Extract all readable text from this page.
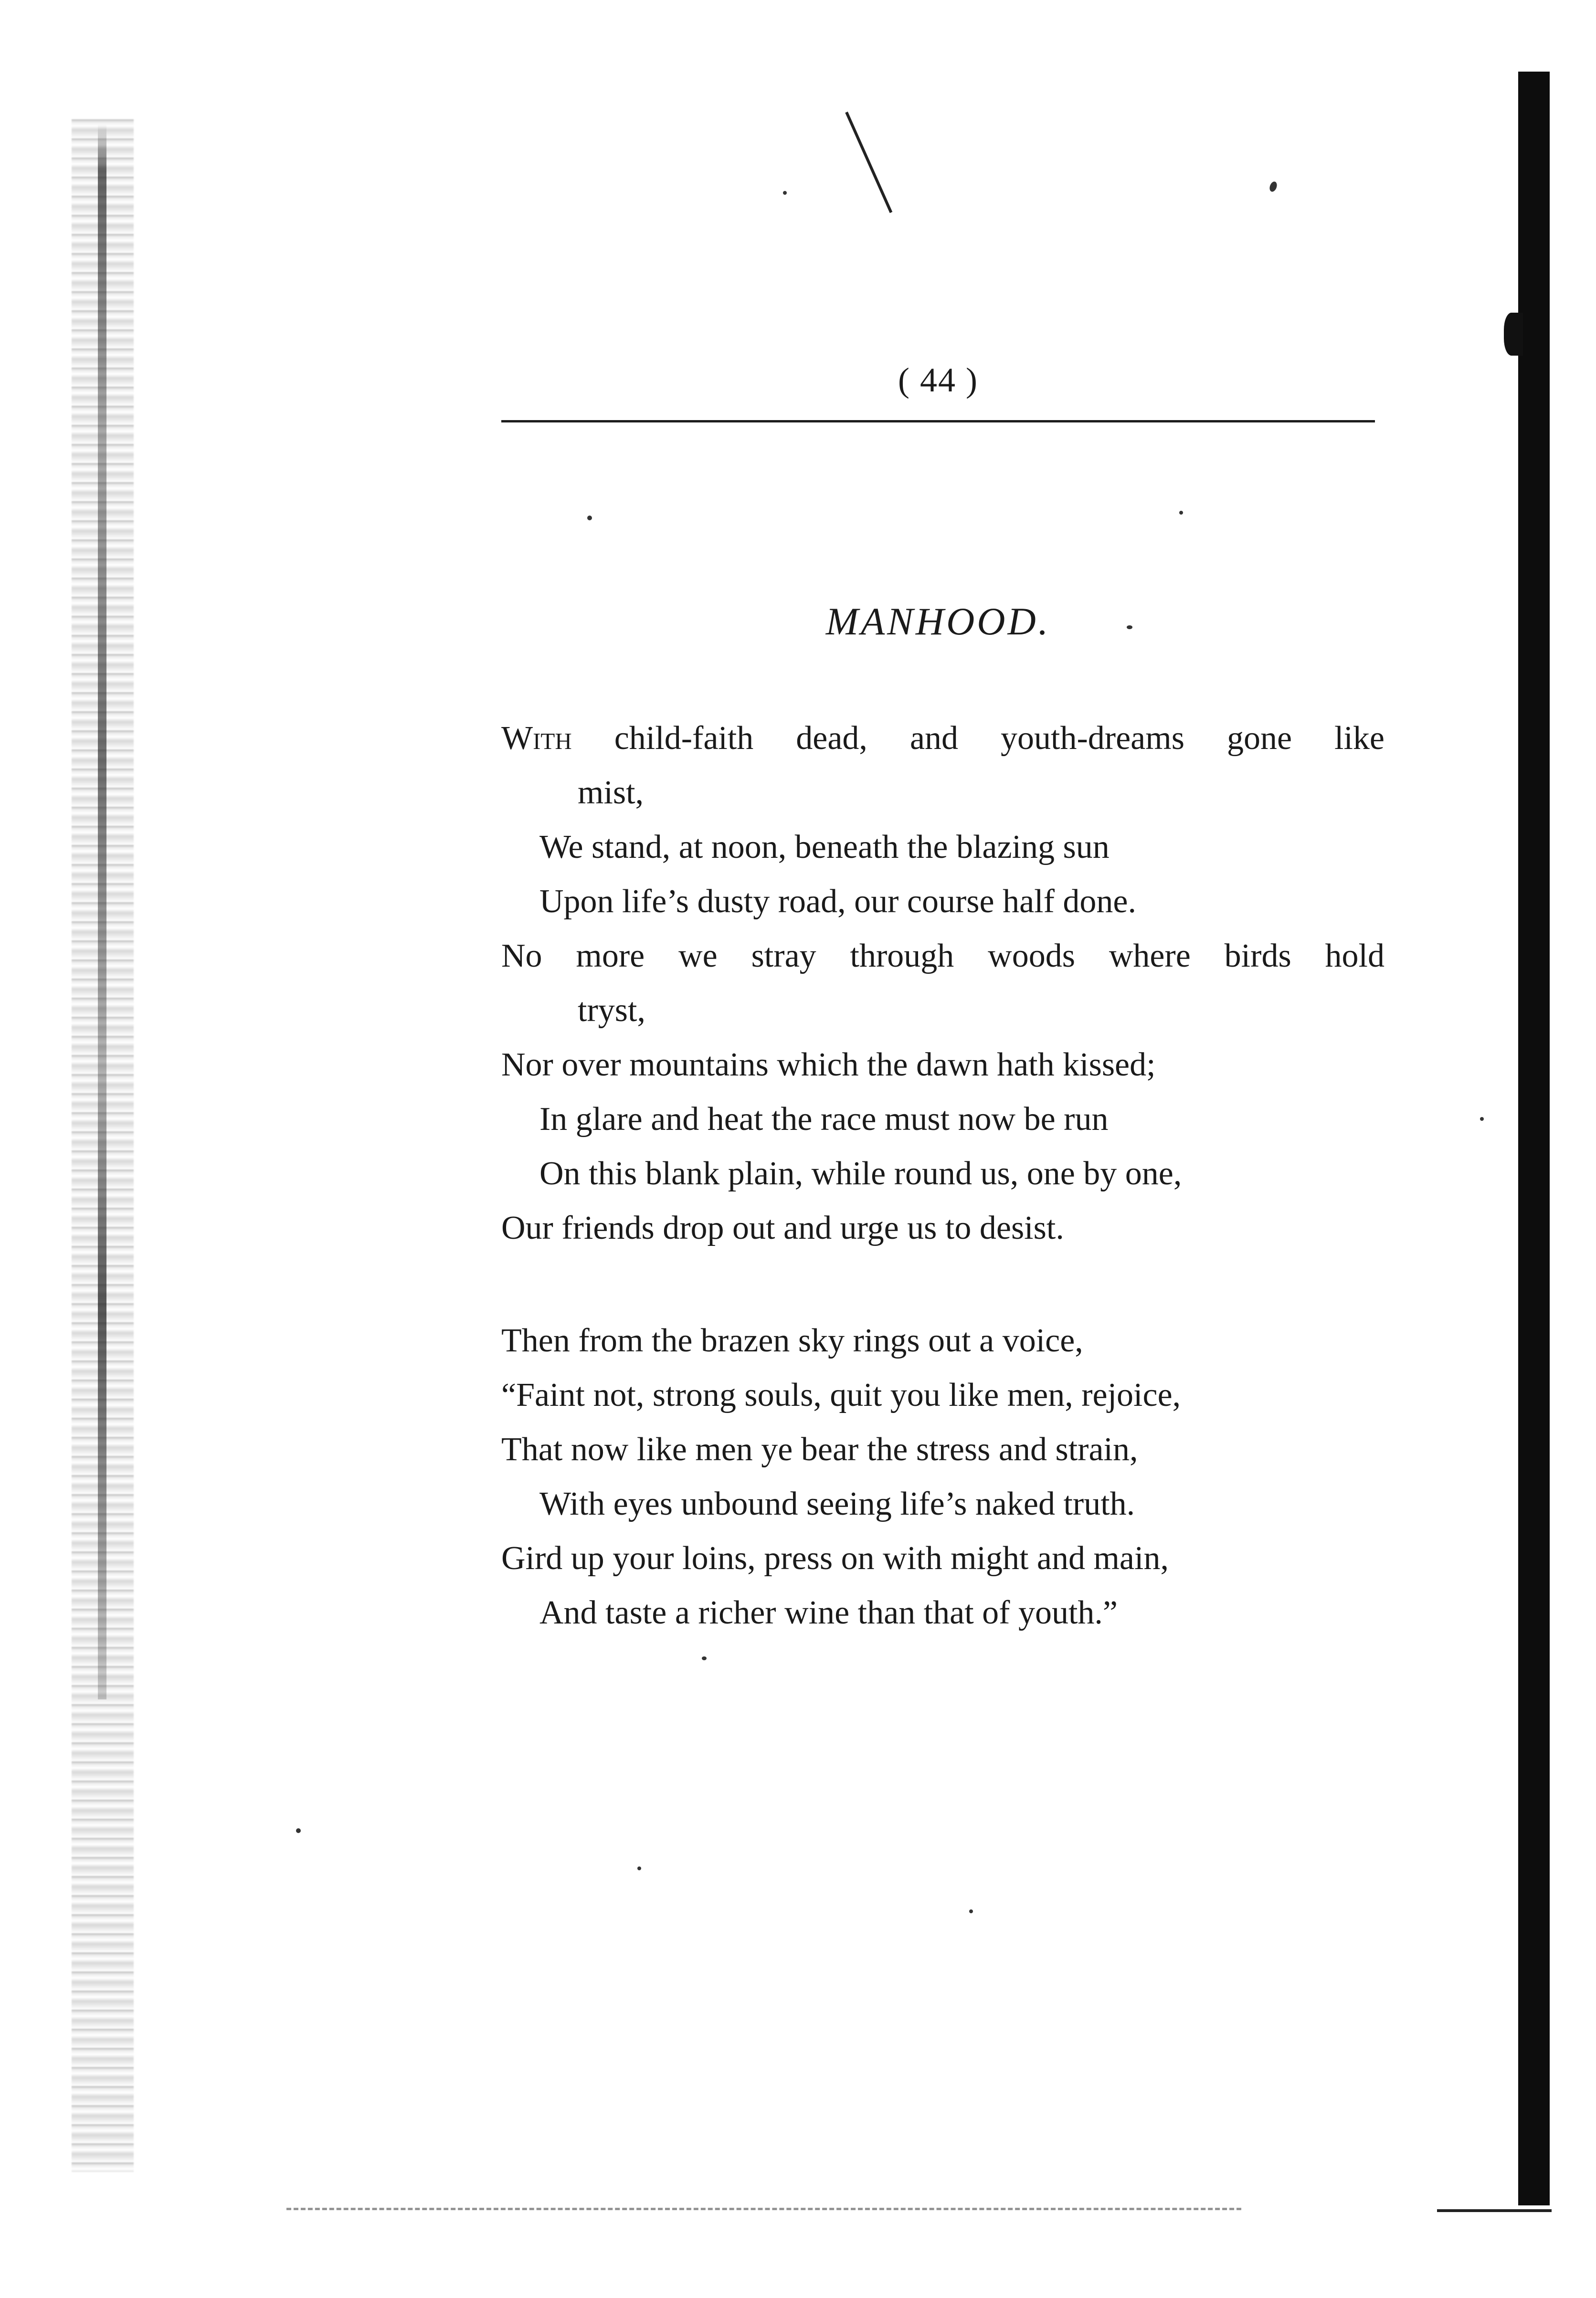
( 44 )
MANHOOD.
With child-faith dead, and youth-dreams gone like
mist,
We stand, at noon, beneath the blazing sun
Upon life’s dusty road, our course half done.
No more we stray through woods where birds hold
tryst,
Nor over mountains which the dawn hath kissed;
In glare and heat the race must now be run
On this blank plain, while round us, one by one,
Our friends drop out and urge us to desist.
Then from the brazen sky rings out a voice,
“Faint not, strong souls, quit you like men, rejoice,
That now like men ye bear the stress and strain,
With eyes unbound seeing life’s naked truth.
Gird up your loins, press on with might and main,
And taste a richer wine than that of youth.”
